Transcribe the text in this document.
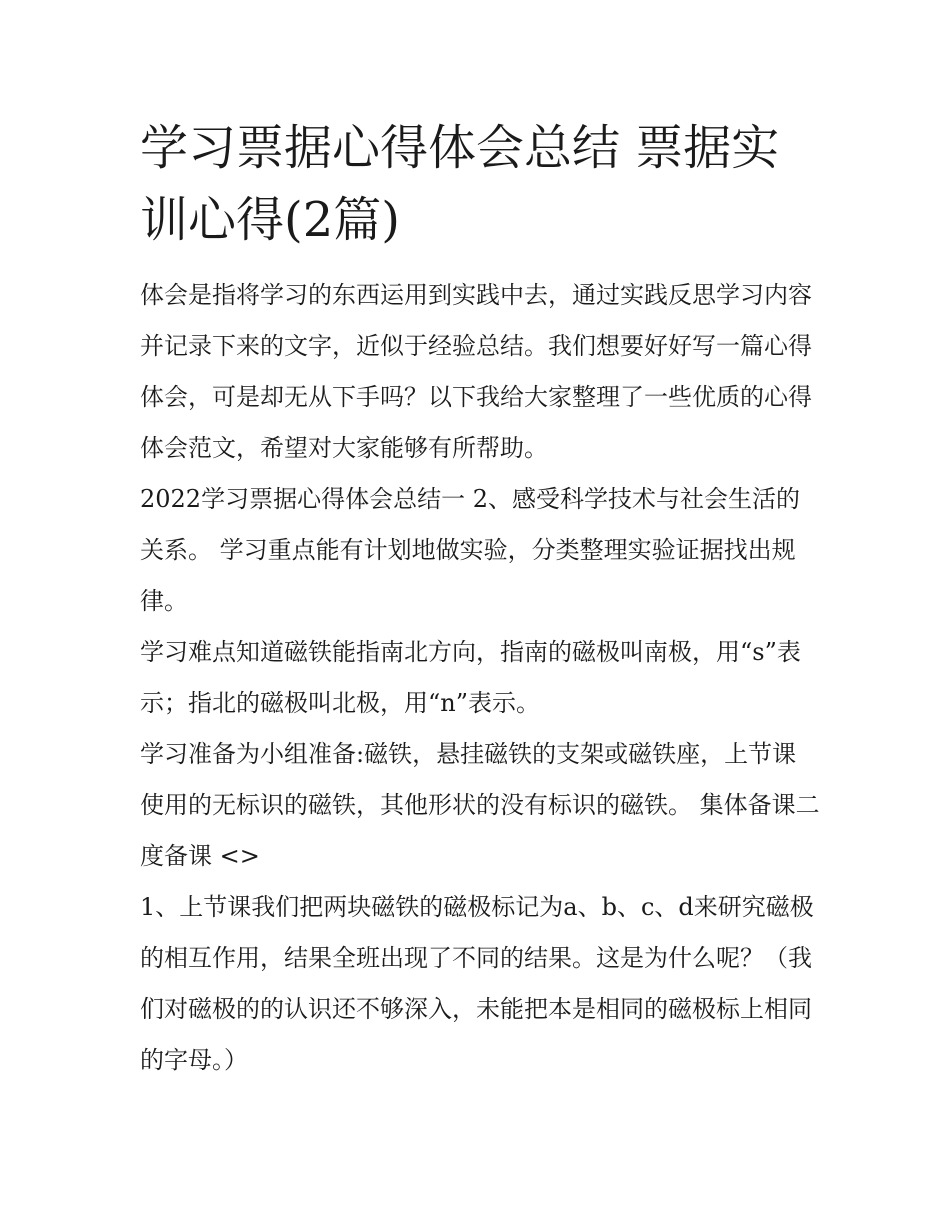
学习票据心得体会总结 票据实训心得(2篇)

体会是指将学习的东西运用到实践中去，通过实践反思学习内容并记录下来的文字，近似于经验总结。我们想要好好写一篇心得体会，可是却无从下手吗？以下我给大家整理了一些优质的心得体会范文，希望对大家能够有所帮助。

2022学习票据心得体会总结一 2、感受科学技术与社会生活的关系。 学习重点能有计划地做实验，分类整理实验证据找出规律。

学习难点知道磁铁能指南北方向，指南的磁极叫南极，用“s”表示；指北的磁极叫北极，用“n”表示。

学习准备为小组准备:磁铁，悬挂磁铁的支架或磁铁座，上节课使用的无标识的磁铁，其他形状的没有标识的磁铁。 集体备课二度备课 <>

1、上节课我们把两块磁铁的磁极标记为a、b、c、d来研究磁极的相互作用，结果全班出现了不同的结果。这是为什么呢？（我们对磁极的的认识还不够深入，未能把本是相同的磁极标上相同的字母。）
